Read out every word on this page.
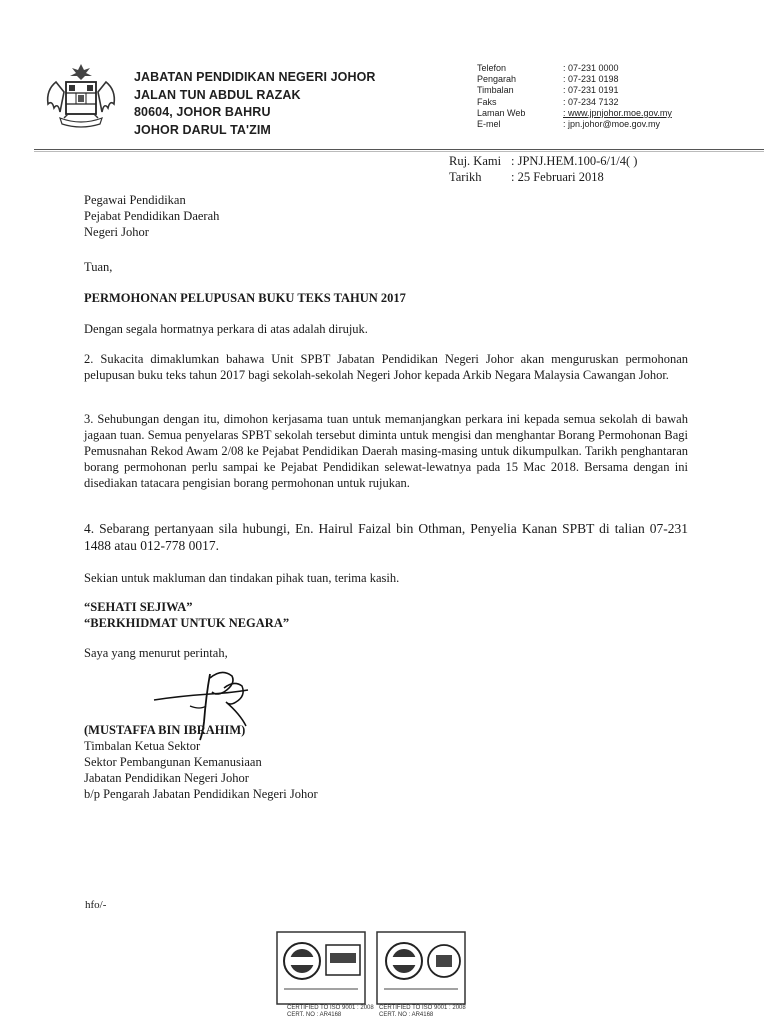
JABATAN PENDIDIKAN NEGERI JOHOR
JALAN TUN ABDUL RAZAK
80604, JOHOR BAHRU
JOHOR DARUL TA'ZIM
Telefon	: 07-231 0000
Pengarah	: 07-231 0198
Timbalan	: 07-231 0191
Faks	: 07-234 7132
Laman Web	: www.jpnjohor.moe.gov.my
E-mel	: jpn.johor@moe.gov.my
Ruj. Kami : JPNJ.HEM.100-6/1/4( )
Tarikh : 25 Februari 2018
Pegawai Pendidikan
Pejabat Pendidikan Daerah
Negeri Johor
Tuan,
PERMOHONAN PELUPUSAN BUKU TEKS TAHUN 2017
Dengan segala hormatnya perkara di atas adalah dirujuk.
2. Sukacita dimaklumkan bahawa Unit SPBT Jabatan Pendidikan Negeri Johor akan menguruskan permohonan pelupusan buku teks tahun 2017 bagi sekolah-sekolah Negeri Johor kepada Arkib Negara Malaysia Cawangan Johor.
3. Sehubungan dengan itu, dimohon kerjasama tuan untuk memanjangkan perkara ini kepada semua sekolah di bawah jagaan tuan. Semua penyelaras SPBT sekolah tersebut diminta untuk mengisi dan menghantar Borang Permohonan Bagi Pemusnahan Rekod Awam 2/08 ke Pejabat Pendidikan Daerah masing-masing untuk dikumpulkan. Tarikh penghantaran borang permohonan perlu sampai ke Pejabat Pendidikan selewat-lewatnya pada 15 Mac 2018. Bersama dengan ini disediakan tatacara pengisian borang permohonan untuk rujukan.
4. Sebarang pertanyaan sila hubungi, En. Hairul Faizal bin Othman, Penyelia Kanan SPBT di talian 07-231 1488 atau 012-778 0017.
Sekian untuk makluman dan tindakan pihak tuan, terima kasih.
“SEHATI SEJIWA”
“BERKHIDMAT UNTUK NEGARA”
Saya yang menurut perintah,
(MUSTAFFA BIN IBRAHIM)
Timbalan Ketua Sektor
Sektor Pembangunan Kemanusiaan
Jabatan Pendidikan Negeri Johor
b/p Pengarah Jabatan Pendidikan Negeri Johor
hfo/-
CERTIFIED TO ISO 9001 : 2008
CERT. NO : AR4168
CERTIFIED TO ISO 9001 : 2008
CERT. NO : AR4168
